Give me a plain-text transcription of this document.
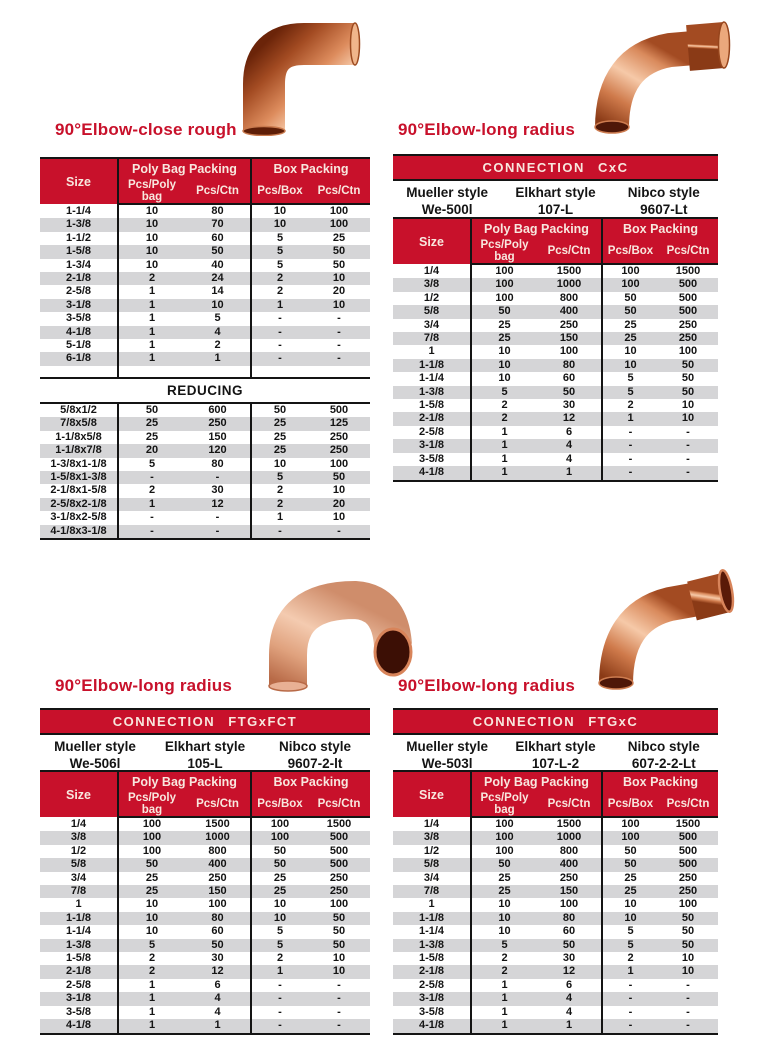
90°Elbow-close rough
Size	Poly Bag Packing		Box Packing	
	Pcs/Poly bag	Pcs/Ctn	Pcs/Box	Pcs/Ctn
1-1/4	10	80	10	100
1-3/8	10	70	10	100
1-1/2	10	60	5	25
1-5/8	10	50	5	50
1-3/4	10	40	5	50
2-1/8	2	24	2	10
2-5/8	1	14	2	20
3-1/8	1	10	1	10
3-5/8	1	5	-	-
4-1/8	1	4	-	-
5-1/8	1	2	-	-
6-1/8	1	1	-	-

REDUCING				
5/8x1/2	50	600	50	500
7/8x5/8	25	250	25	125
1-1/8x5/8	25	150	25	250
1-1/8x7/8	20	120	25	250
1-3/8x1-1/8	5	80	10	100
1-5/8x1-3/8	-	-	5	50
2-1/8x1-5/8	2	30	2	10
2-5/8x2-1/8	1	12	2	20
3-1/8x2-5/8	-	-	1	10
4-1/8x3-1/8	-	-	-	-
90°Elbow-long radius
CONNECTION CxC
Mueller style
We-500l
Elkhart style
107-L
Nibco style
9607-Lt
Size	Poly Bag Packing		Box Packing	
	Pcs/Poly bag	Pcs/Ctn	Pcs/Box	Pcs/Ctn
1/4	100	1500	100	1500
3/8	100	1000	100	500
1/2	100	800	50	500
5/8	50	400	50	500
3/4	25	250	25	250
7/8	25	150	25	250
1	10	100	10	100
1-1/8	10	80	10	50
1-1/4	10	60	5	50
1-3/8	5	50	5	50
1-5/8	2	30	2	10
2-1/8	2	12	1	10
2-5/8	1	6	-	-
3-1/8	1	4	-	-
3-5/8	1	4	-	-
4-1/8	1	1	-	-
90°Elbow-long radius
CONNECTION FTGxFCT
Mueller style
We-506l
Elkhart style
105-L
Nibco style
9607-2-lt
Size	Poly Bag Packing		Box Packing	
	Pcs/Poly bag	Pcs/Ctn	Pcs/Box	Pcs/Ctn
1/4	100	1500	100	1500
3/8	100	1000	100	500
1/2	100	800	50	500
5/8	50	400	50	500
3/4	25	250	25	250
7/8	25	150	25	250
1	10	100	10	100
1-1/8	10	80	10	50
1-1/4	10	60	5	50
1-3/8	5	50	5	50
1-5/8	2	30	2	10
2-1/8	2	12	1	10
2-5/8	1	6	-	-
3-1/8	1	4	-	-
3-5/8	1	4	-	-
4-1/8	1	1	-	-
90°Elbow-long radius
CONNECTION FTGxC
Mueller style
We-503l
Elkhart style
107-L-2
Nibco style
607-2-2-Lt
Size	Poly Bag Packing		Box Packing	
	Pcs/Poly bag	Pcs/Ctn	Pcs/Box	Pcs/Ctn
1/4	100	1500	100	1500
3/8	100	1000	100	500
1/2	100	800	50	500
5/8	50	400	50	500
3/4	25	250	25	250
7/8	25	150	25	250
1	10	100	10	100
1-1/8	10	80	10	50
1-1/4	10	60	5	50
1-3/8	5	50	5	50
1-5/8	2	30	2	10
2-1/8	2	12	1	10
2-5/8	1	6	-	-
3-1/8	1	4	-	-
3-5/8	1	4	-	-
4-1/8	1	1	-	-
